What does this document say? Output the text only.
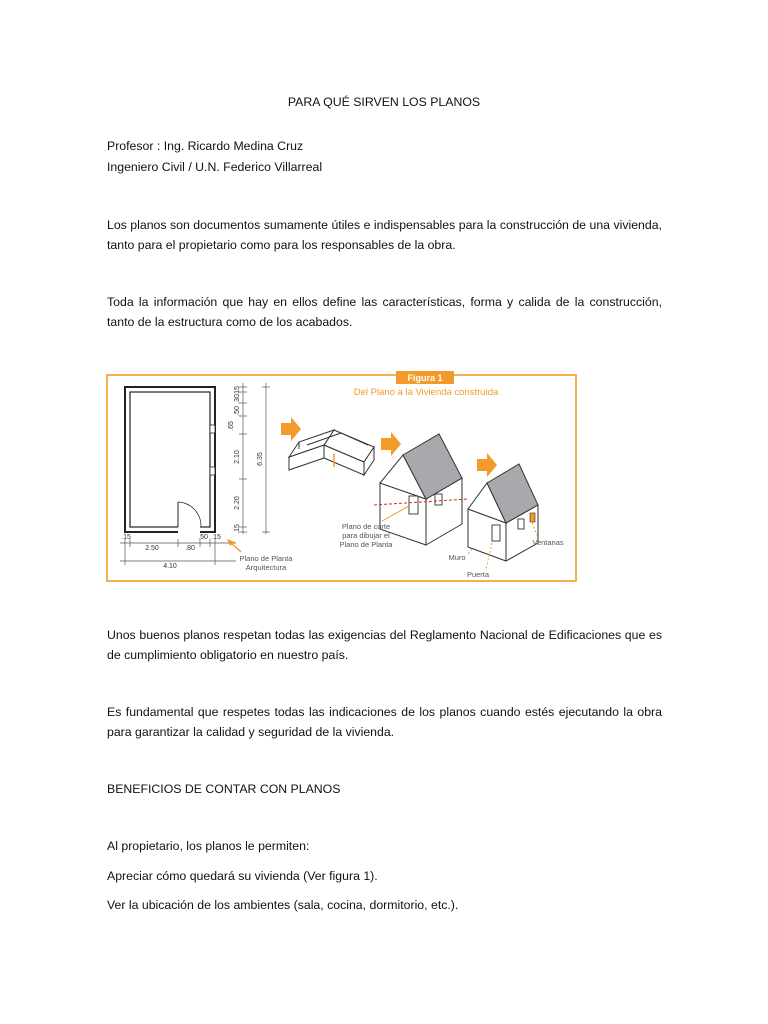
PARA QUÉ SIRVEN LOS PLANOS

Profesor : Ing. Ricardo Medina Cruz

Ingeniero Civil / U.N. Federico Villarreal

Los planos son documentos sumamente útiles e indispensables para la construcción de una vivienda, tanto para el propietario como para los responsables de la obra.

Toda la información que hay en ellos define las características, forma y calida de la construcción, tanto de la estructura como de los acabados.

Figura 1
Del Plano a la Vivienda construida
.15
.30
.50
.65
2.10
2.20
.15
6.35
.15
2.50	.80
.50 .15
4.10
Plano de Planta
Arquitectura
Plano de corte
para dibujar el
Plano de Planta
Muro
Puerta
Ventanas

Unos buenos planos respetan todas las exigencias del Reglamento Nacional de Edificaciones que es de cumplimiento obligatorio en nuestro país.

Es fundamental que respetes todas las indicaciones de los planos cuando estés ejecutando la obra para garantizar la calidad y seguridad de la vivienda.

BENEFICIOS DE CONTAR CON PLANOS

Al propietario, los planos le permiten:

Apreciar cómo quedará su vivienda (Ver figura 1).

Ver la ubicación de los ambientes (sala, cocina, dormitorio, etc.).
